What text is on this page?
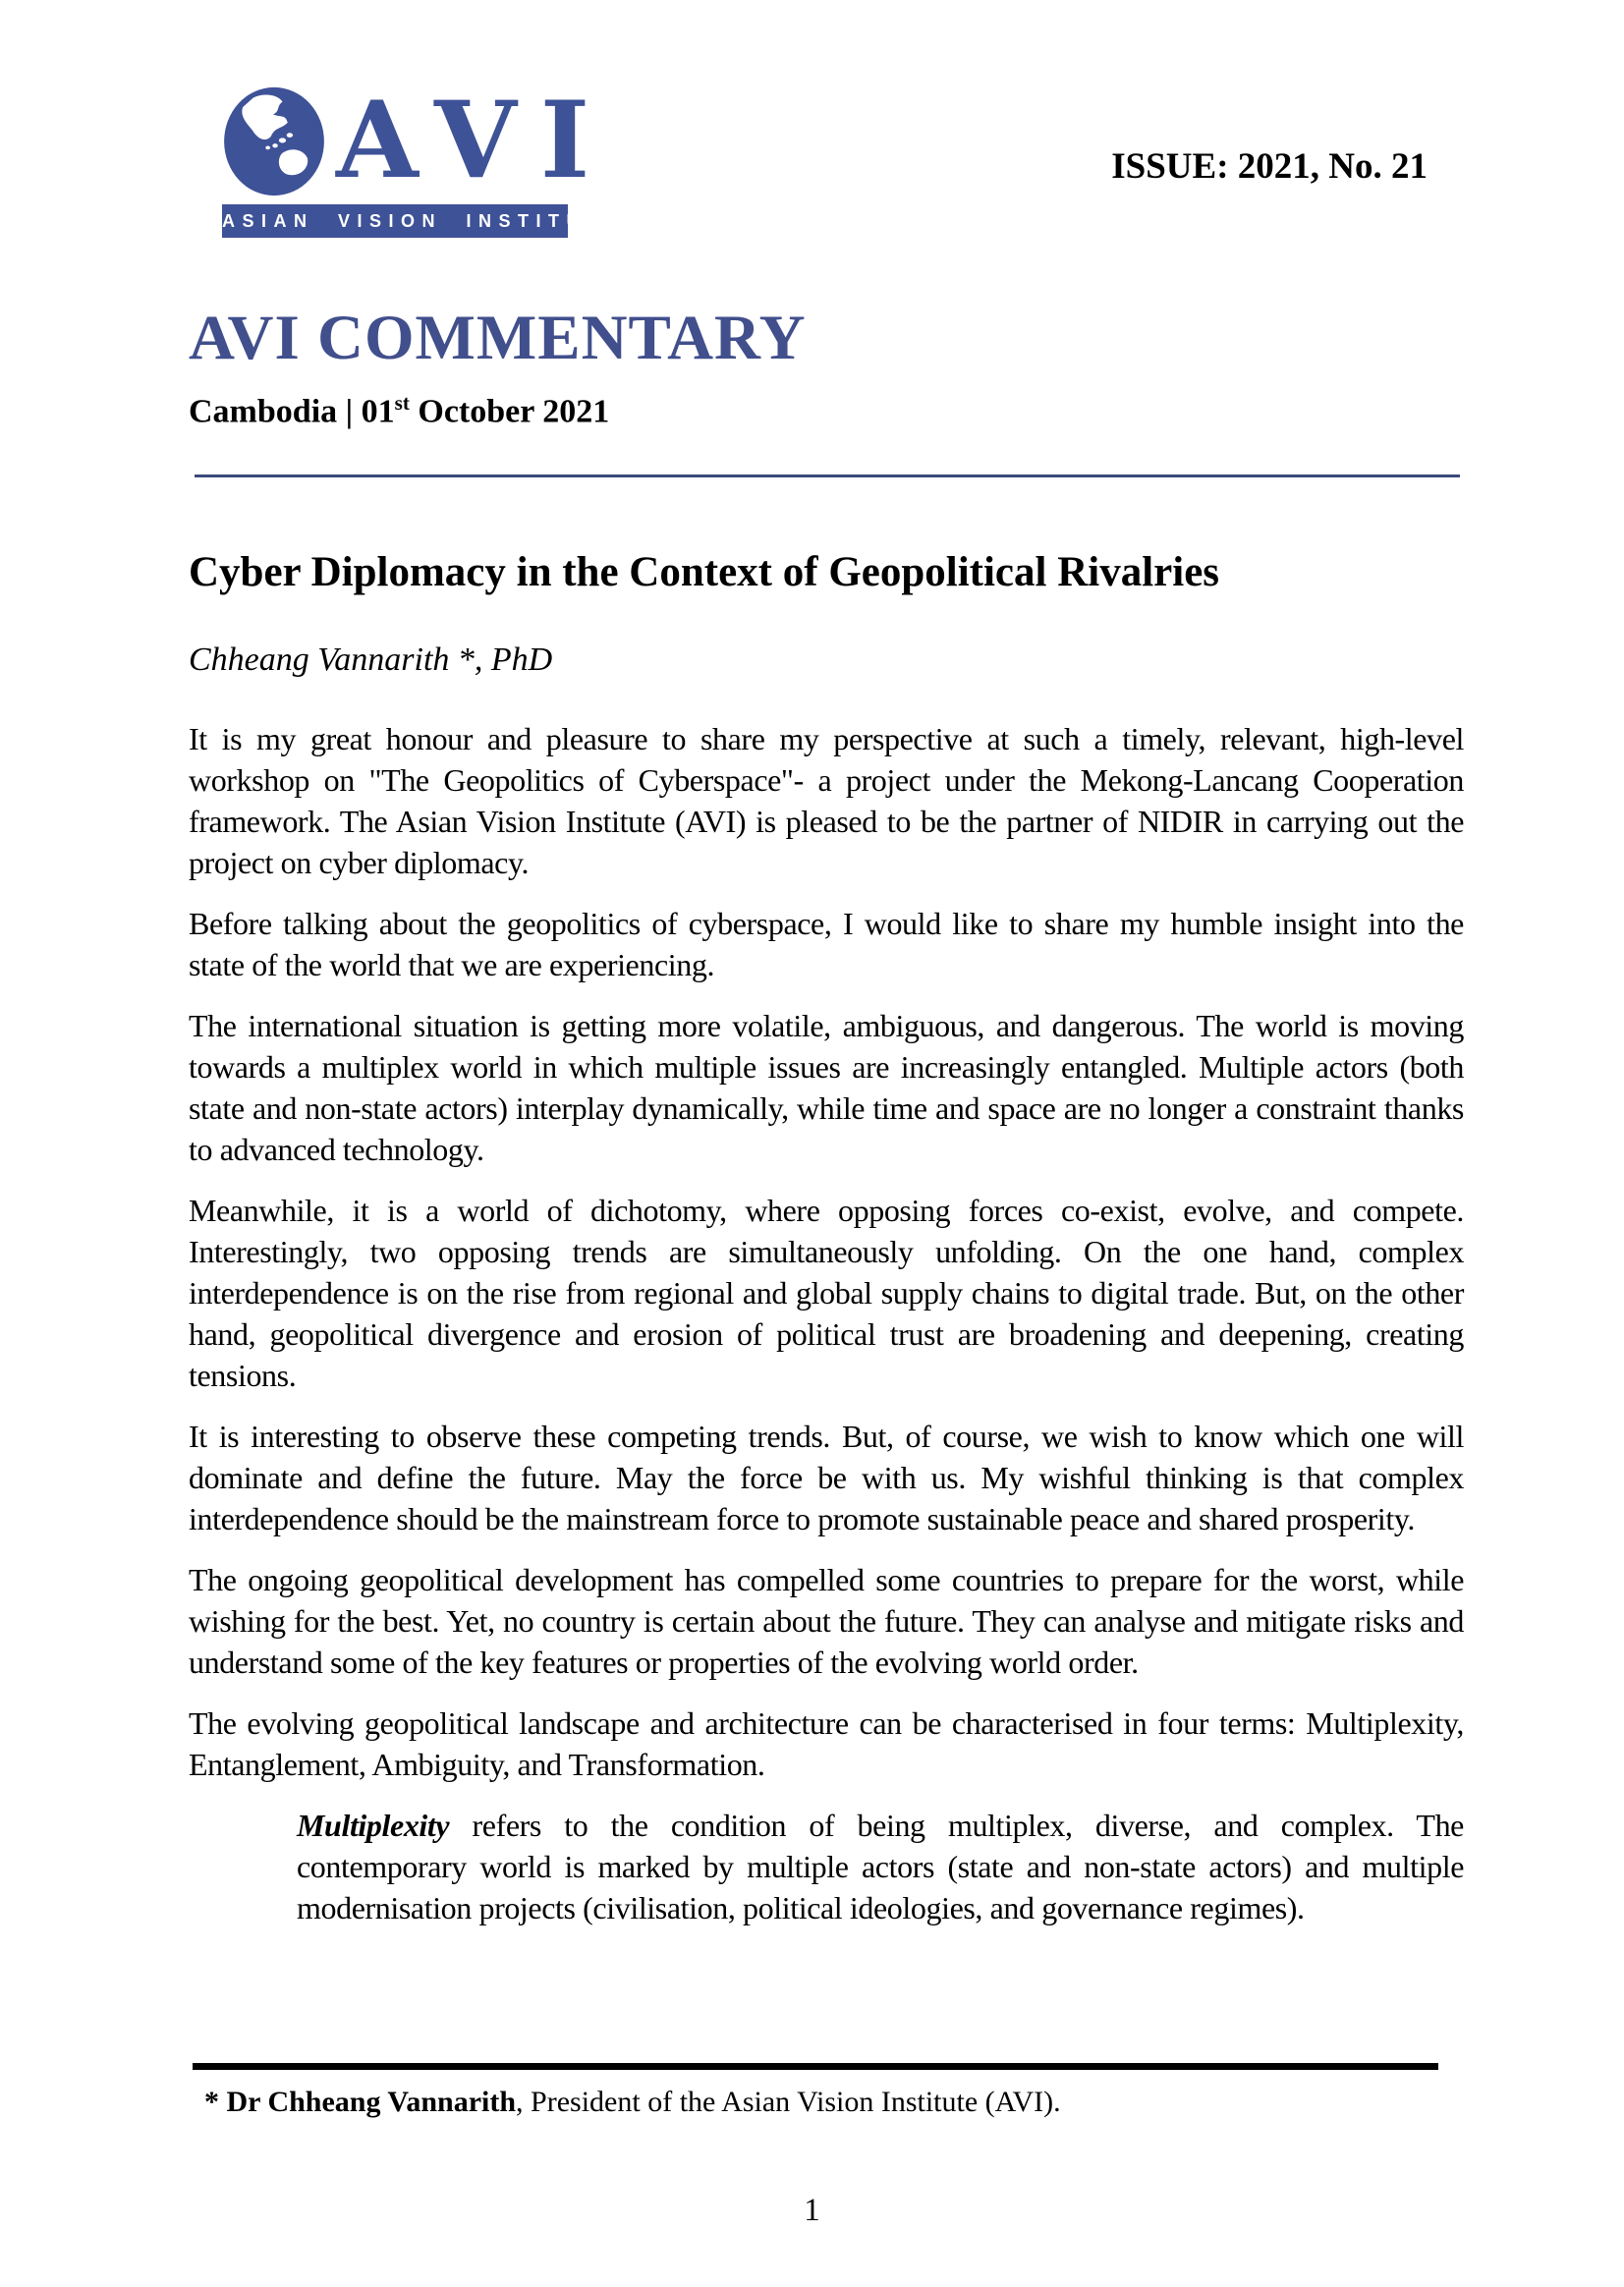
AVI
ASIAN VISION INSTITUTE
ISSUE: 2021, No. 21
AVI COMMENTARY
Cambodia | 01st October 2021
Cyber Diplomacy in the Context of Geopolitical Rivalries
Chheang Vannarith *, PhD

It is my great honour and pleasure to share my perspective at such a timely, relevant, high-level workshop on "The Geopolitics of Cyberspace"- a project under the Mekong-Lancang Cooperation framework. The Asian Vision Institute (AVI) is pleased to be the partner of NIDIR in carrying out the project on cyber diplomacy.

Before talking about the geopolitics of cyberspace, I would like to share my humble insight into the state of the world that we are experiencing.

The international situation is getting more volatile, ambiguous, and dangerous. The world is moving towards a multiplex world in which multiple issues are increasingly entangled. Multiple actors (both state and non-state actors) interplay dynamically, while time and space are no longer a constraint thanks to advanced technology.

Meanwhile, it is a world of dichotomy, where opposing forces co-exist, evolve, and compete. Interestingly, two opposing trends are simultaneously unfolding. On the one hand, complex interdependence is on the rise from regional and global supply chains to digital trade. But, on the other hand, geopolitical divergence and erosion of political trust are broadening and deepening, creating tensions.

It is interesting to observe these competing trends. But, of course, we wish to know which one will dominate and define the future. May the force be with us. My wishful thinking is that complex interdependence should be the mainstream force to promote sustainable peace and shared prosperity.

The ongoing geopolitical development has compelled some countries to prepare for the worst, while wishing for the best. Yet, no country is certain about the future. They can analyse and mitigate risks and understand some of the key features or properties of the evolving world order.

The evolving geopolitical landscape and architecture can be characterised in four terms: Multiplexity, Entanglement, Ambiguity, and Transformation.

Multiplexity refers to the condition of being multiplex, diverse, and complex. The contemporary world is marked by multiple actors (state and non-state actors) and multiple modernisation projects (civilisation, political ideologies, and governance regimes).

* Dr Chheang Vannarith, President of the Asian Vision Institute (AVI).
1
